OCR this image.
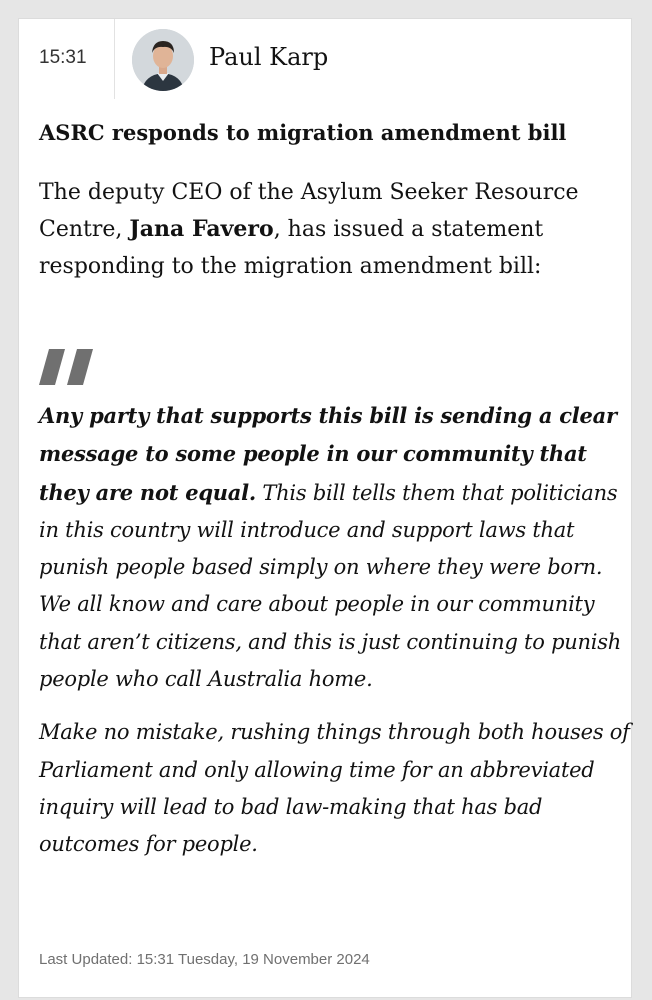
15:31	Paul Karp
ASRC responds to migration amendment bill
The deputy CEO of the Asylum Seeker Resource Centre, Jana Favero, has issued a statement responding to the migration amendment bill:

Any party that supports this bill is sending a clear message to some people in our community that they are not equal. This bill tells them that politicians in this country will introduce and support laws that punish people based simply on where they were born. We all know and care about people in our community that aren’t citizens, and this is just continuing to punish people who call Australia home.

Make no mistake, rushing things through both houses of Parliament and only allowing time for an abbreviated inquiry will lead to bad law-making that has bad outcomes for people.

Last Updated: 15:31 Tuesday, 19 November 2024
